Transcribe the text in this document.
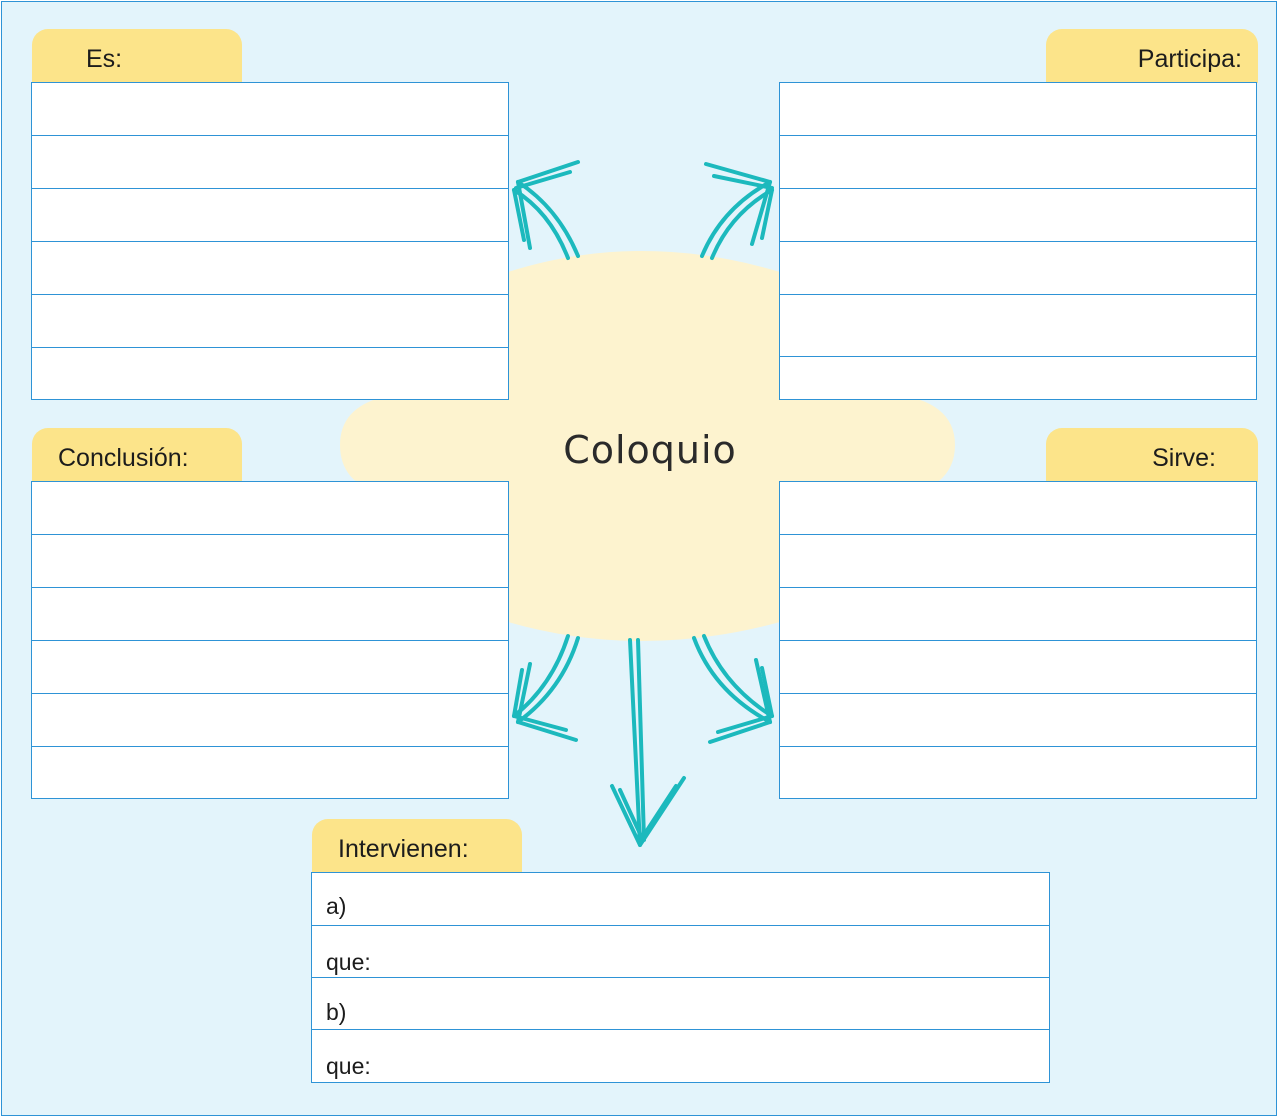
Coloquio
Es:	Participa:
Conclusión:	Sirve:
Intervienen:
a)
que:
b)
que:
